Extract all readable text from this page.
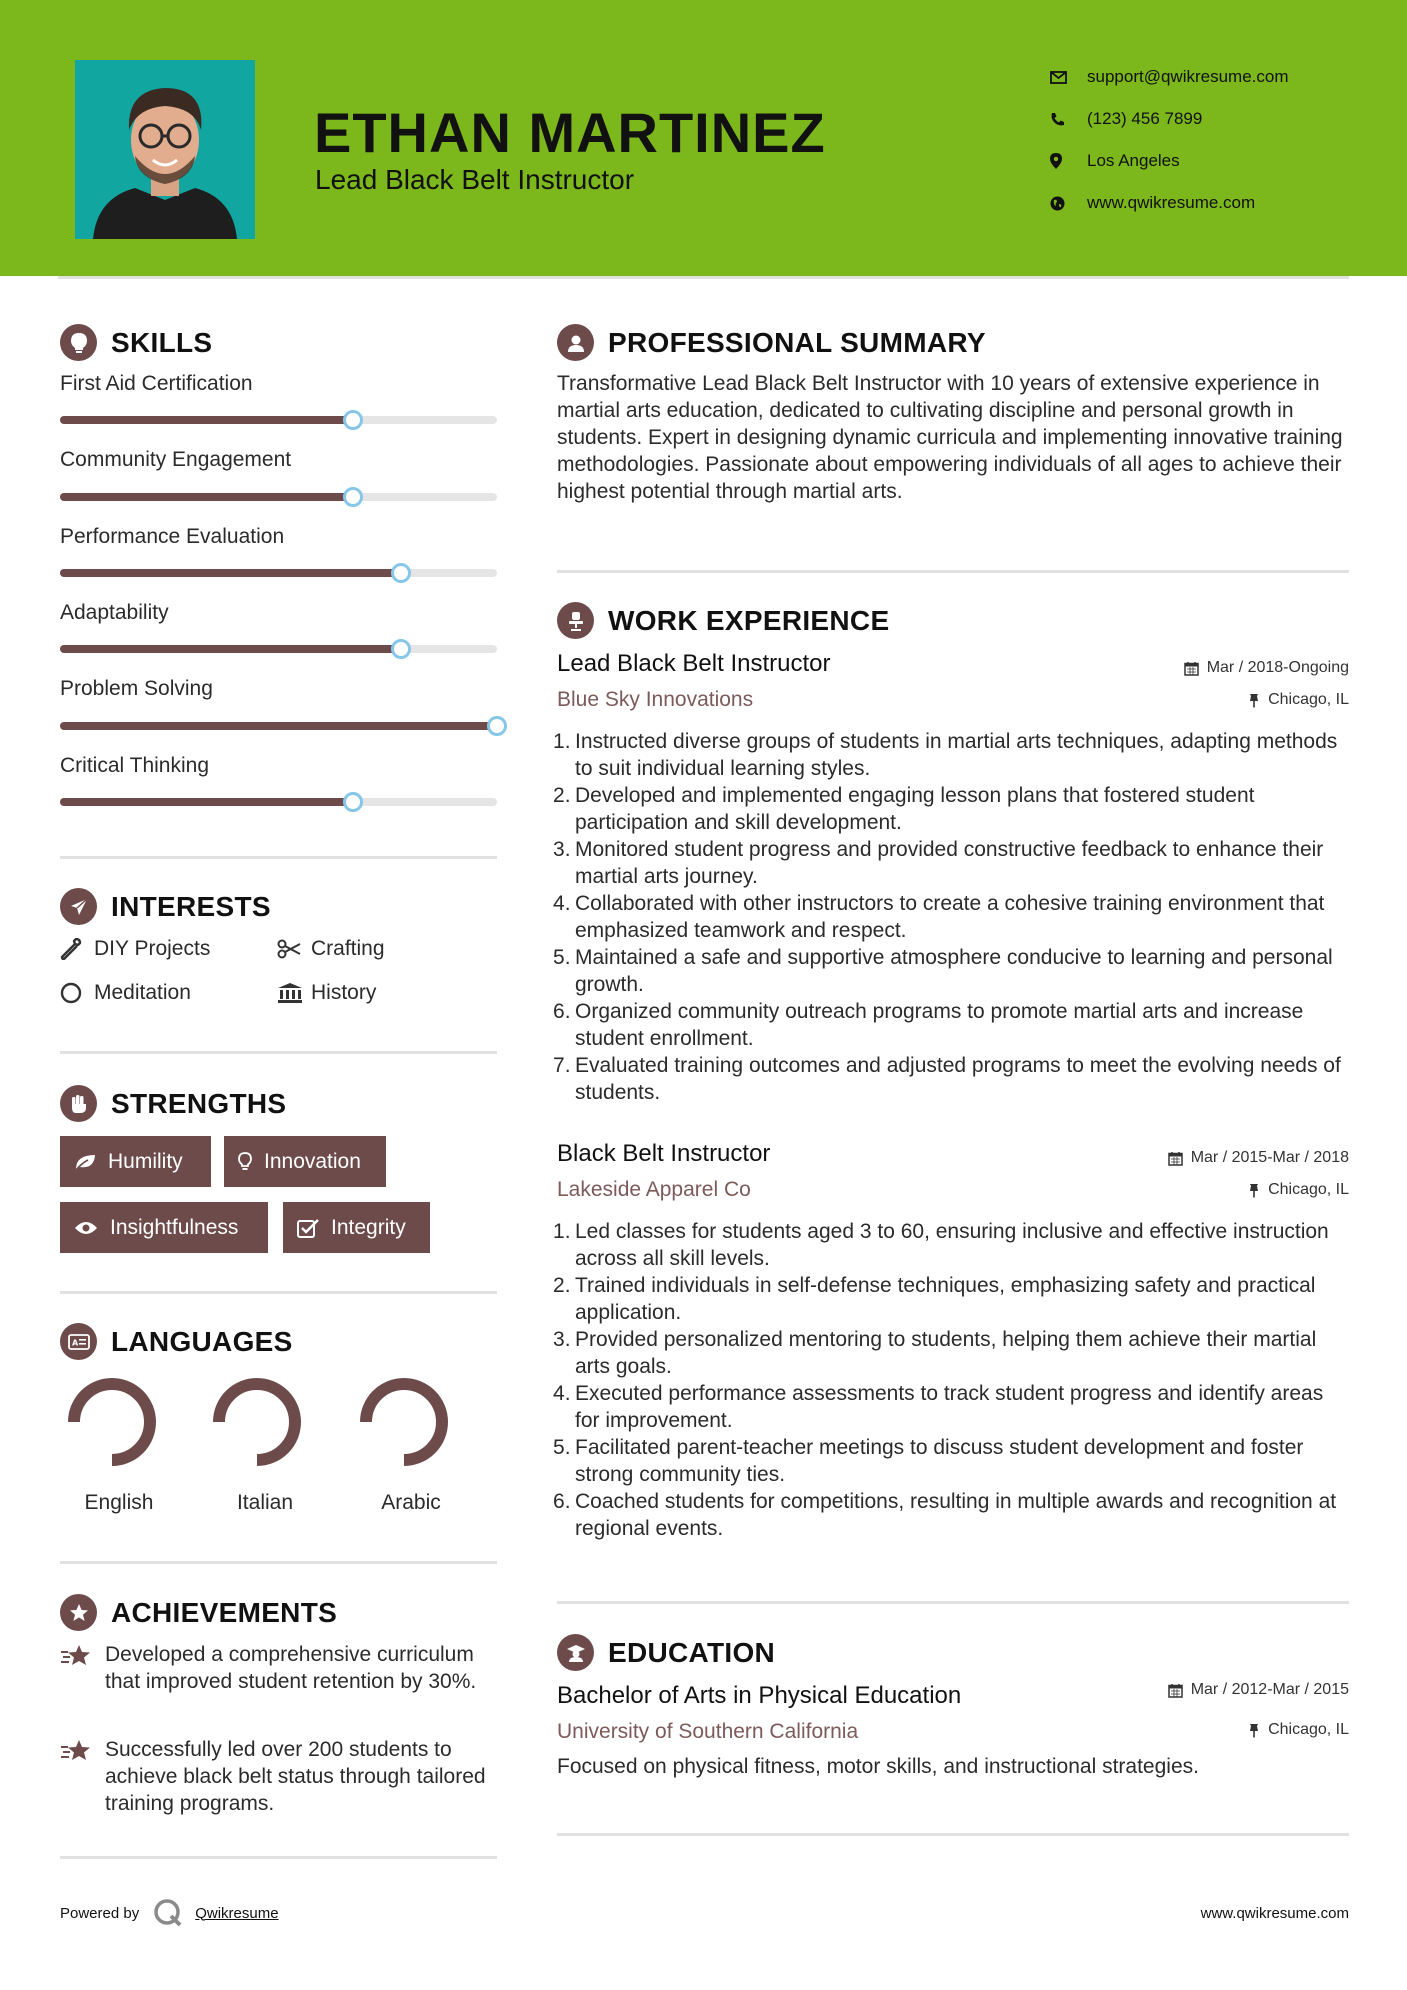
ETHAN MARTINEZ
Lead Black Belt Instructor
support@qwikresume.com
(123) 456 7899
Los Angeles
www.qwikresume.com
SKILLS
First Aid Certification
Community Engagement
Performance Evaluation
Adaptability
Problem Solving
Critical Thinking
INTERESTS
DIY Projects	Crafting
Meditation	History
STRENGTHS
Humility	Innovation
Insightfulness	Integrity
A LANGUAGES
English	Italian	Arabic
ACHIEVEMENTS
Developed a comprehensive curriculum that improved student retention by 30%.
Successfully led over 200 students to achieve black belt status through tailored training programs.
PROFESSIONAL SUMMARY
Transformative Lead Black Belt Instructor with 10 years of extensive experience in martial arts education, dedicated to cultivating discipline and personal growth in students. Expert in designing dynamic curricula and implementing innovative training methodologies. Passionate about empowering individuals of all ages to achieve their highest potential through martial arts.
WORK EXPERIENCE
Lead Black Belt Instructor	Mar / 2018-Ongoing
Blue Sky Innovations	Chicago, IL
Instructed diverse groups of students in martial arts techniques, adapting methods to suit individual learning styles.
Developed and implemented engaging lesson plans that fostered student participation and skill development.
Monitored student progress and provided constructive feedback to enhance their martial arts journey.
Collaborated with other instructors to create a cohesive training environment that emphasized teamwork and respect.
Maintained a safe and supportive atmosphere conducive to learning and personal growth.
Organized community outreach programs to promote martial arts and increase student enrollment.
Evaluated training outcomes and adjusted programs to meet the evolving needs of students.
Black Belt Instructor	Mar / 2015-Mar / 2018
Lakeside Apparel Co	Chicago, IL
Led classes for students aged 3 to 60, ensuring inclusive and effective instruction across all skill levels.
Trained individuals in self-defense techniques, emphasizing safety and practical application.
Provided personalized mentoring to students, helping them achieve their martial arts goals.
Executed performance assessments to track student progress and identify areas for improvement.
Facilitated parent-teacher meetings to discuss student development and foster strong community ties.
Coached students for competitions, resulting in multiple awards and recognition at regional events.
EDUCATION
Bachelor of Arts in Physical Education	Mar / 2012-Mar / 2015
University of Southern California	Chicago, IL
Focused on physical fitness, motor skills, and instructional strategies.
Powered by	Qwikresume	www.qwikresume.com
